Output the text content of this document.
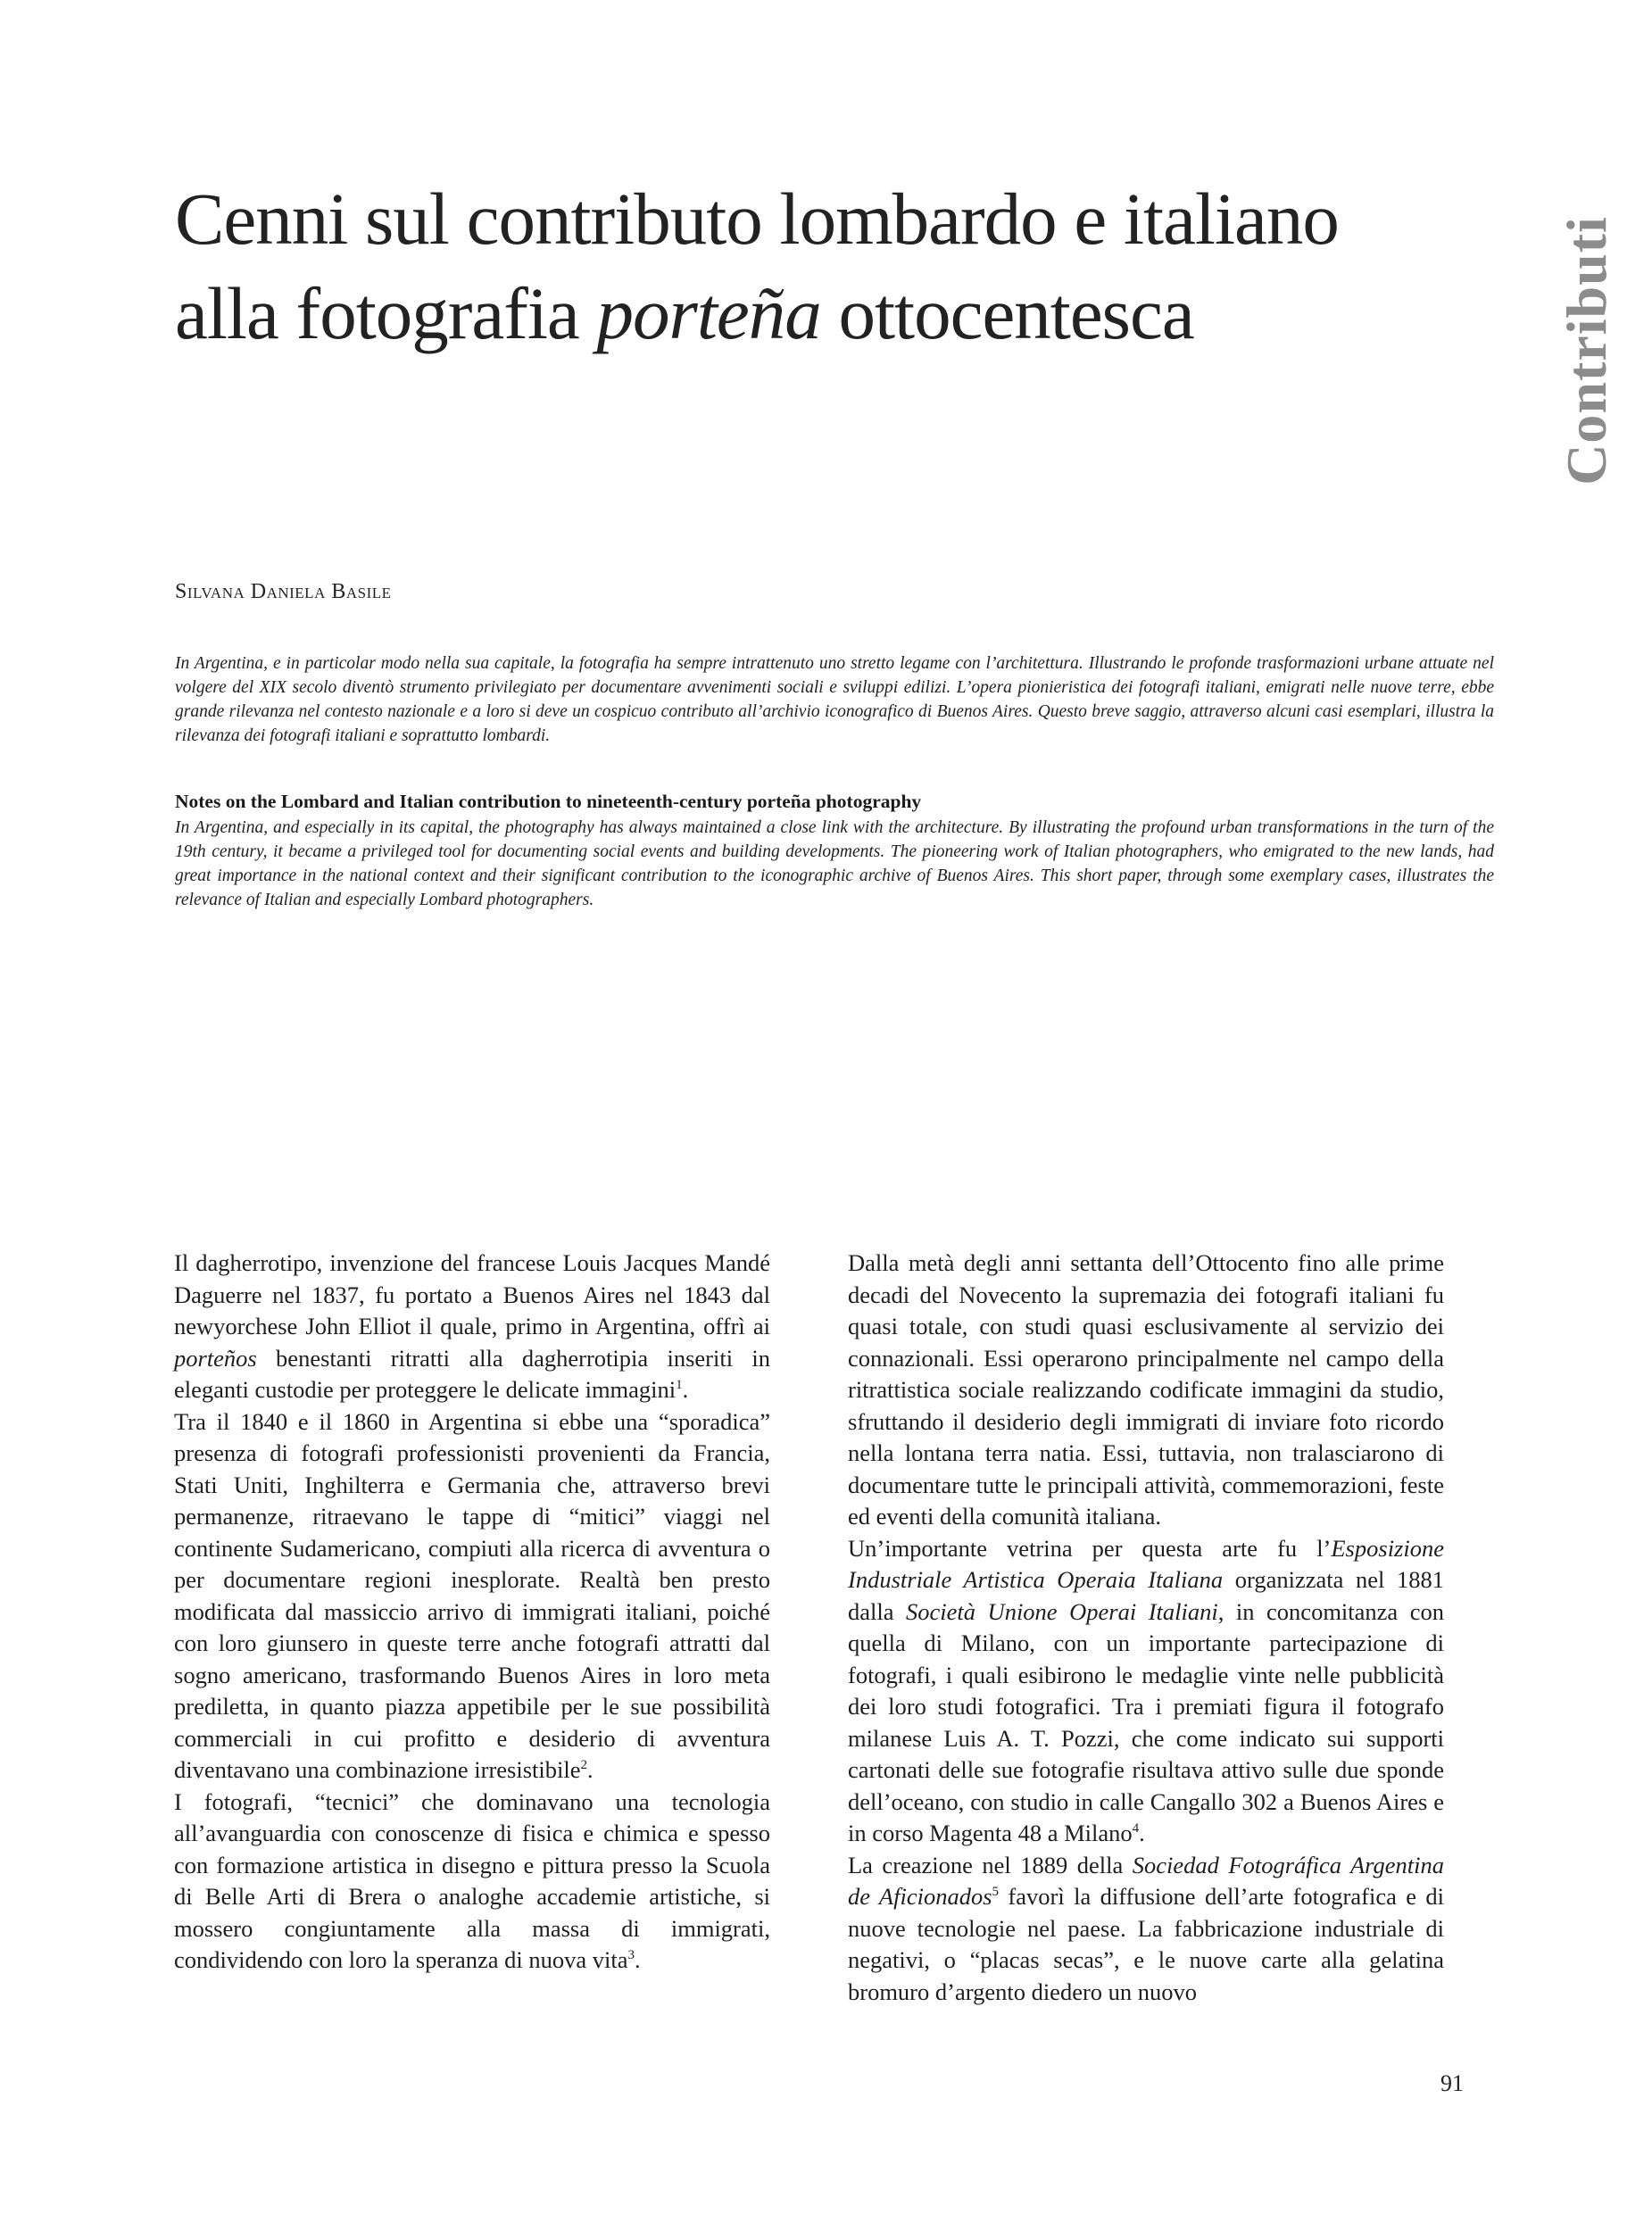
Cenni sul contributo lombardo e italiano
alla fotografia porteña ottocentesca	Contributi
Silvana Daniela Basile

In Argentina, e in particolar modo nella sua capitale, la fotografia ha sempre intrattenuto uno stretto legame con l’architettura. Illustrando le profonde trasformazioni urbane attuate nel volgere del XIX secolo diventò strumento privilegiato per documentare avvenimenti sociali e sviluppi edilizi. L’opera pionieristica dei fotografi italiani, emigrati nelle nuove terre, ebbe grande rilevanza nel contesto nazionale e a loro si deve un cospicuo contributo all’archivio iconografico di Buenos Aires. Questo breve saggio, attraverso alcuni casi esemplari, illustra la rilevanza dei fotografi italiani e soprattutto lombardi.

Notes on the Lombard and Italian contribution to nineteenth-century porteña photography

In Argentina, and especially in its capital, the photography has always maintained a close link with the architecture. By illustrating the profound urban transformations in the turn of the 19th century, it became a privileged tool for documenting social events and building developments. The pioneering work of Italian photographers, who emigrated to the new lands, had great importance in the national context and their significant contribution to the iconographic archive of Buenos Aires. This short paper, through some exemplary cases, illustrates the relevance of Italian and especially Lombard photographers.

Il dagherrotipo, invenzione del francese Louis Jacques Mandé Daguerre nel 1837, fu portato a Buenos Aires nel 1843 dal newyorchese John Elliot il quale, primo in Argentina, offrì ai porteños benestanti ritratti alla dagherrotipia inseriti in eleganti custodie per proteggere le delicate immagini$^1$.

Tra il 1840 e il 1860 in Argentina si ebbe una “sporadica” presenza di fotografi professionisti provenienti da Francia, Stati Uniti, Inghilterra e Germania che, attraverso brevi permanenze, ritraevano le tappe di “mitici” viaggi nel continente Sudamericano, compiuti alla ricerca di avventura o per documentare regioni inesplorate. Realtà ben presto modificata dal massiccio arrivo di immigrati italiani, poiché con loro giunsero in queste terre anche fotografi attratti dal sogno americano, trasformando Buenos Aires in loro meta prediletta, in quanto piazza appetibile per le sue possibilità commerciali in cui profitto e desiderio di avventura diventavano una combinazione irresistibile$^2$.

I fotografi, “tecnici” che dominavano una tecnologia all’avanguardia con conoscenze di fisica e chimica e spesso con formazione artistica in disegno e pittura presso la Scuola di Belle Arti di Brera o analoghe accademie artistiche, si mossero congiuntamente alla massa di immigrati, condividendo con loro la speranza di nuova vita$^3$.

Dalla metà degli anni settanta dell’Ottocento fino alle prime decadi del Novecento la supremazia dei fotografi italiani fu quasi totale, con studi quasi esclusivamente al servizio dei connazionali. Essi operarono principalmente nel campo della ritrattistica sociale realizzando codificate immagini da studio, sfruttando il desiderio degli immigrati di inviare foto ricordo nella lontana terra natia. Essi, tuttavia, non tralasciarono di documentare tutte le principali attività, commemorazioni, feste ed eventi della comunità italiana.

Un’importante vetrina per questa arte fu l’Esposizione Industriale Artistica Operaia Italiana organizzata nel 1881 dalla Società Unione Operai Italiani, in concomitanza con quella di Milano, con un importante partecipazione di fotografi, i quali esibirono le medaglie vinte nelle pubblicità dei loro studi fotografici. Tra i premiati figura il fotografo milanese Luis A. T. Pozzi, che come indicato sui supporti cartonati delle sue fotografie risultava attivo sulle due sponde dell’oceano, con studio in calle Cangallo 302 a Buenos Aires e in corso Magenta 48 a Milano$^4$.

La creazione nel 1889 della Sociedad Fotográfica Argentina de Aficionados$^5$ favorì la diffusione dell’arte fotografica e di nuove tecnologie nel paese. La fabbricazione industriale di negativi, o “placas secas”, e le nuove carte alla gelatina bromuro d’argento diedero un nuovo

91
